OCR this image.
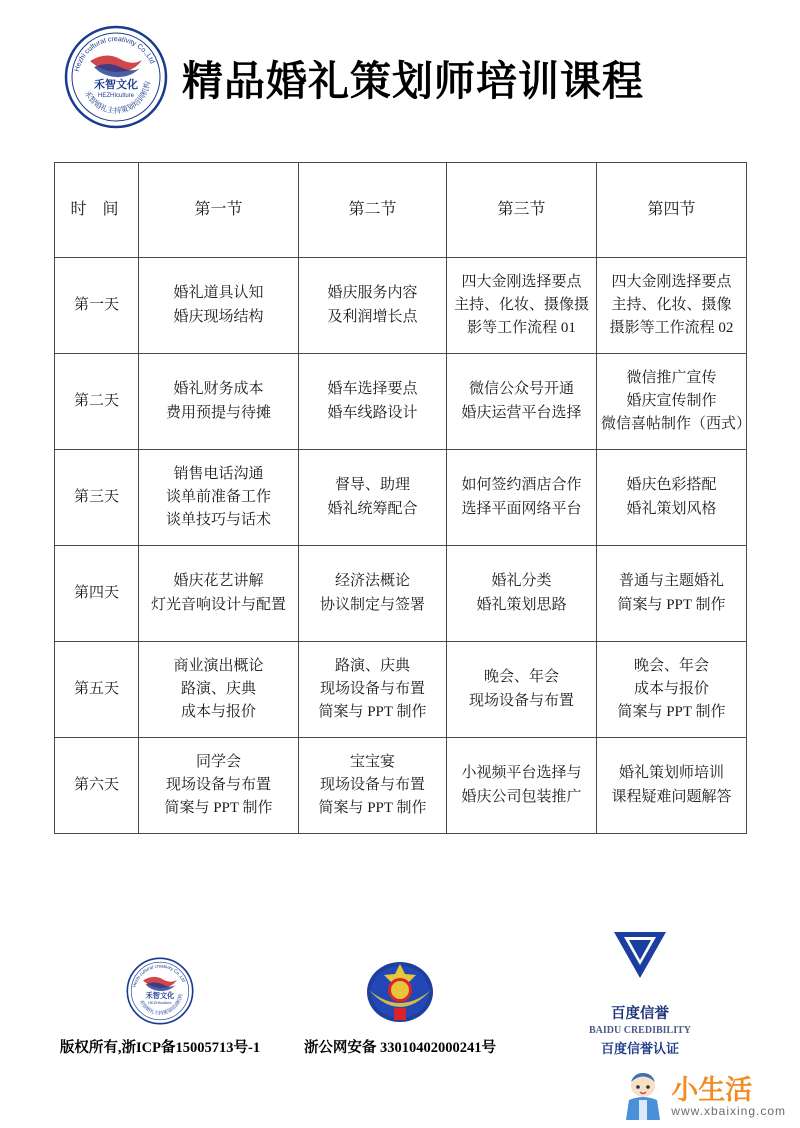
Hezhi cultural creativity Co.,Ltd
禾智婚礼主持策划培训机构
禾智文化
HEZHIculture 精品婚礼策划师培训课程
时 间	第一节	第二节	第三节	第四节
第一天	
婚礼道具认知
婚庆现场结构

婚庆服务内容
及利润增长点

四大金刚选择要点
主持、化妆、摄像摄
影等工作流程 01

四大金刚选择要点
主持、化妆、摄像
摄影等工作流程 02

第二天	
婚礼财务成本
费用预提与待摊

婚车选择要点
婚车线路设计

微信公众号开通
婚庆运营平台选择

微信推广宣传
婚庆宣传制作
微信喜帖制作（西式）

第三天	
销售电话沟通
谈单前准备工作
谈单技巧与话术

督导、助理
婚礼统筹配合

如何签约酒店合作
选择平面网络平台

婚庆色彩搭配
婚礼策划风格

第四天	
婚庆花艺讲解
灯光音响设计与配置

经济法概论
协议制定与签署

婚礼分类
婚礼策划思路

普通与主题婚礼
简案与 PPT 制作

第五天	
商业演出概论
路演、庆典
成本与报价

路演、庆典
现场设备与布置
简案与 PPT 制作

晚会、年会
现场设备与布置

晚会、年会
成本与报价
简案与 PPT 制作

第六天	
同学会
现场设备与布置
简案与 PPT 制作

宝宝宴
现场设备与布置
简案与 PPT 制作

小视频平台选择与
婚庆公司包装推广

婚礼策划师培训
课程疑难问题解答
Hezhi cultural creativity Co.,Ltd
禾智婚礼主持策划培训机构
禾智文化
HEZHIculture
版权所有,浙ICP备15005713号-1	浙公网安备 33010402000241号
百度信誉
BAIDU CREDIBILITY
百度信誉认证
小生活
www.xbaixing.com
